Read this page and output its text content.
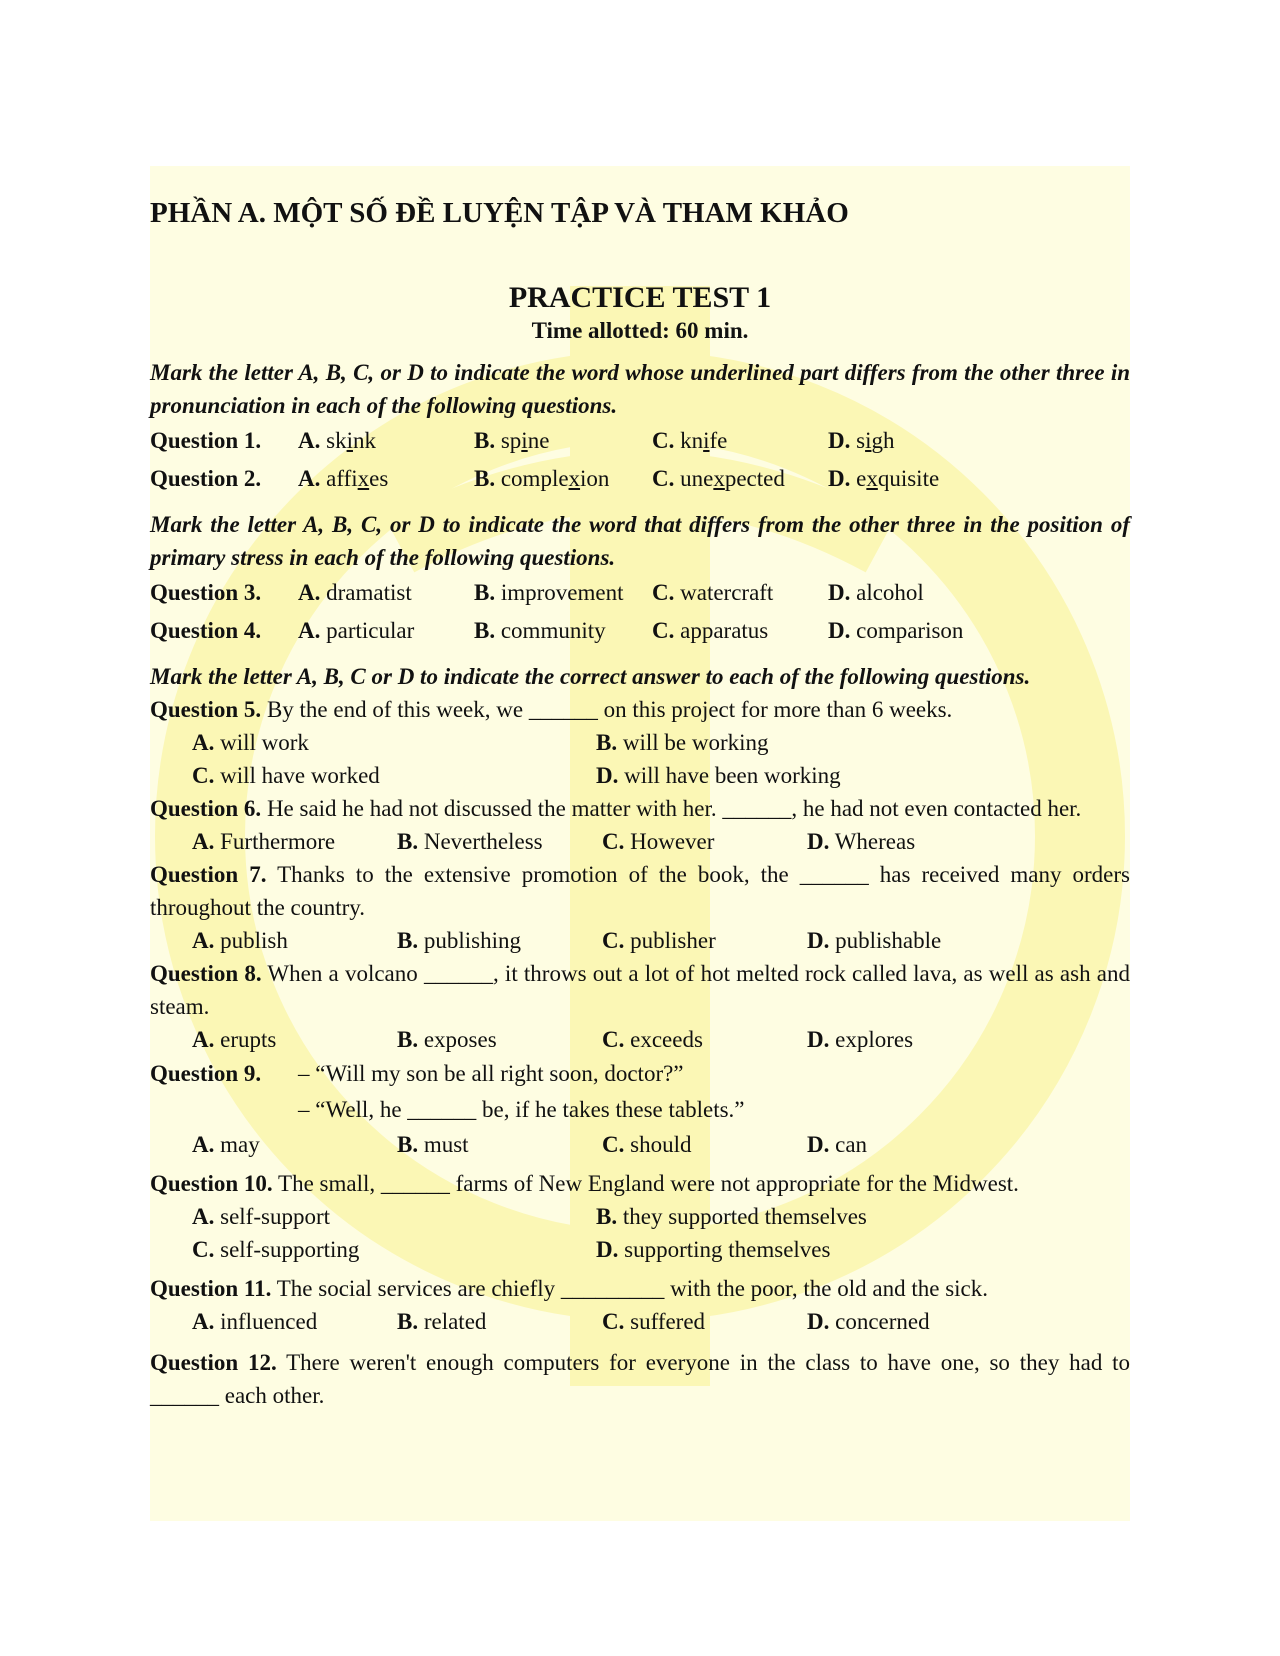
PHẦN A. MỘT SỐ ĐỀ LUYỆN TẬP VÀ THAM KHẢO
PRACTICE TEST 1
Time allotted: 60 min.
Mark the letter A, B, C, or D to indicate the word whose underlined part differs from the other three in pronunciation in each of the following questions.
Question 1.	A. skink	B. spine	C. knife	D. sigh
Question 2.	A. affixes	B. complexion	C. unexpected	D. exquisite
Mark the letter A, B, C, or D to indicate the word that differs from the other three in the position of primary stress in each of the following questions.
Question 3.	A. dramatist	B. improvement	C. watercraft	D. alcohol
Question 4.	A. particular	B. community	C. apparatus	D. comparison
Mark the letter A, B, C or D to indicate the correct answer to each of the following questions.
Question 5. By the end of this week, we ______ on this project for more than 6 weeks.
A. will work	B. will be working
C. will have worked	D. will have been working
Question 6. He said he had not discussed the matter with her. ______, he had not even contacted her.
A. Furthermore	B. Nevertheless	C. However	D. Whereas
Question 7. Thanks to the extensive promotion of the book, the ______ has received many orders throughout the country.
A. publish	B. publishing	C. publisher	D. publishable
Question 8. When a volcano ______, it throws out a lot of hot melted rock called lava, as well as ash and steam.
A. erupts	B. exposes	C. exceeds	D. explores
Question 9.	– “Will my son be all right soon, doctor?”
– “Well, he ______ be, if he takes these tablets.”
A. may	B. must	C. should	D. can
Question 10. The small, ______ farms of New England were not appropriate for the Midwest.
A. self-support	B. they supported themselves
C. self-supporting	D. supporting themselves
Question 11. The social services are chiefly _________ with the poor, the old and the sick.
A. influenced	B. related	C. suffered	D. concerned
Question 12. There weren't enough computers for everyone in the class to have one, so they had to ______ each other.
